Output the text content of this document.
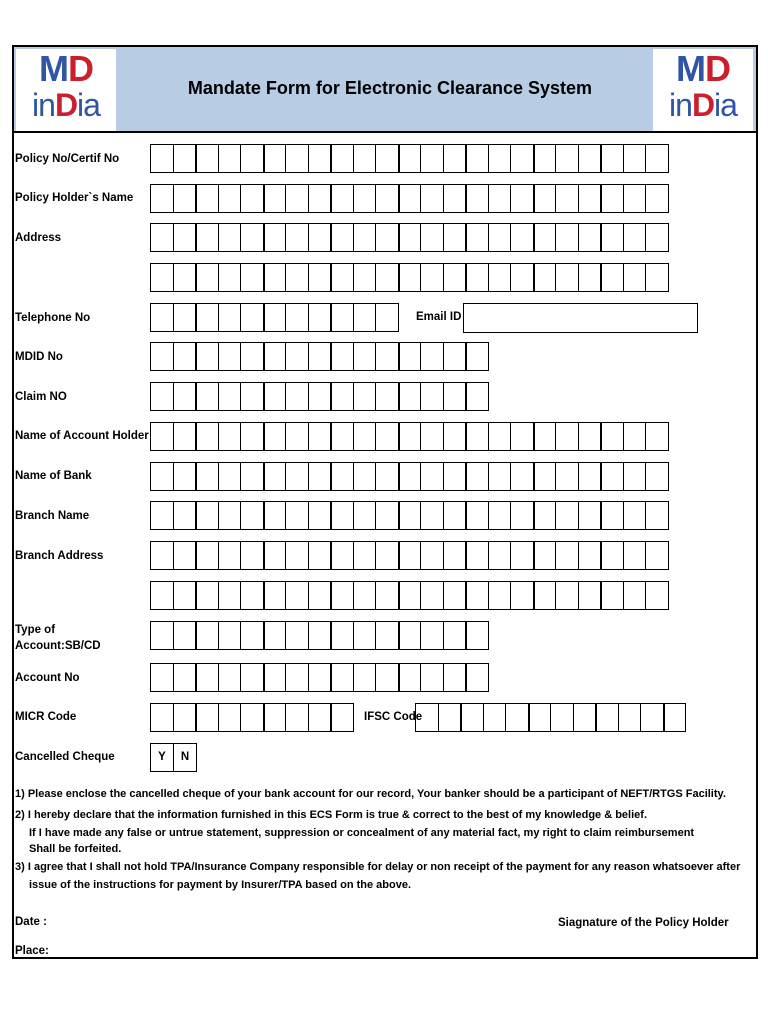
MD
inDia
MD
inDia
Mandate Form for Electronic Clearance System
Policy No/Certif No
Policy Holder`s Name
Address
Telephone No
MDID No
Claim NO
Name of Account Holder
Name of Bank
Branch Name
Branch Address
Type of
Account:SB/CD
Account No
MICR Code
Cancelled Cheque
Email ID
IFSC Code
Y	N
1) Please enclose the cancelled cheque of your bank account for our record, Your banker should be a participant of NEFT/RTGS Facility.
2) I hereby declare that the information furnished in this ECS Form is true & correct to the best of my knowledge & belief.
If I have made any false or untrue statement, suppression or concealment of any material fact, my right to claim reimbursement
Shall be forfeited.
3) I agree that I shall not hold TPA/Insurance Company responsible for delay or non receipt of the payment for any reason whatsoever after
issue of the instructions for payment by Insurer/TPA based on the above.
Date :	Siagnature of the Policy Holder
Place:
